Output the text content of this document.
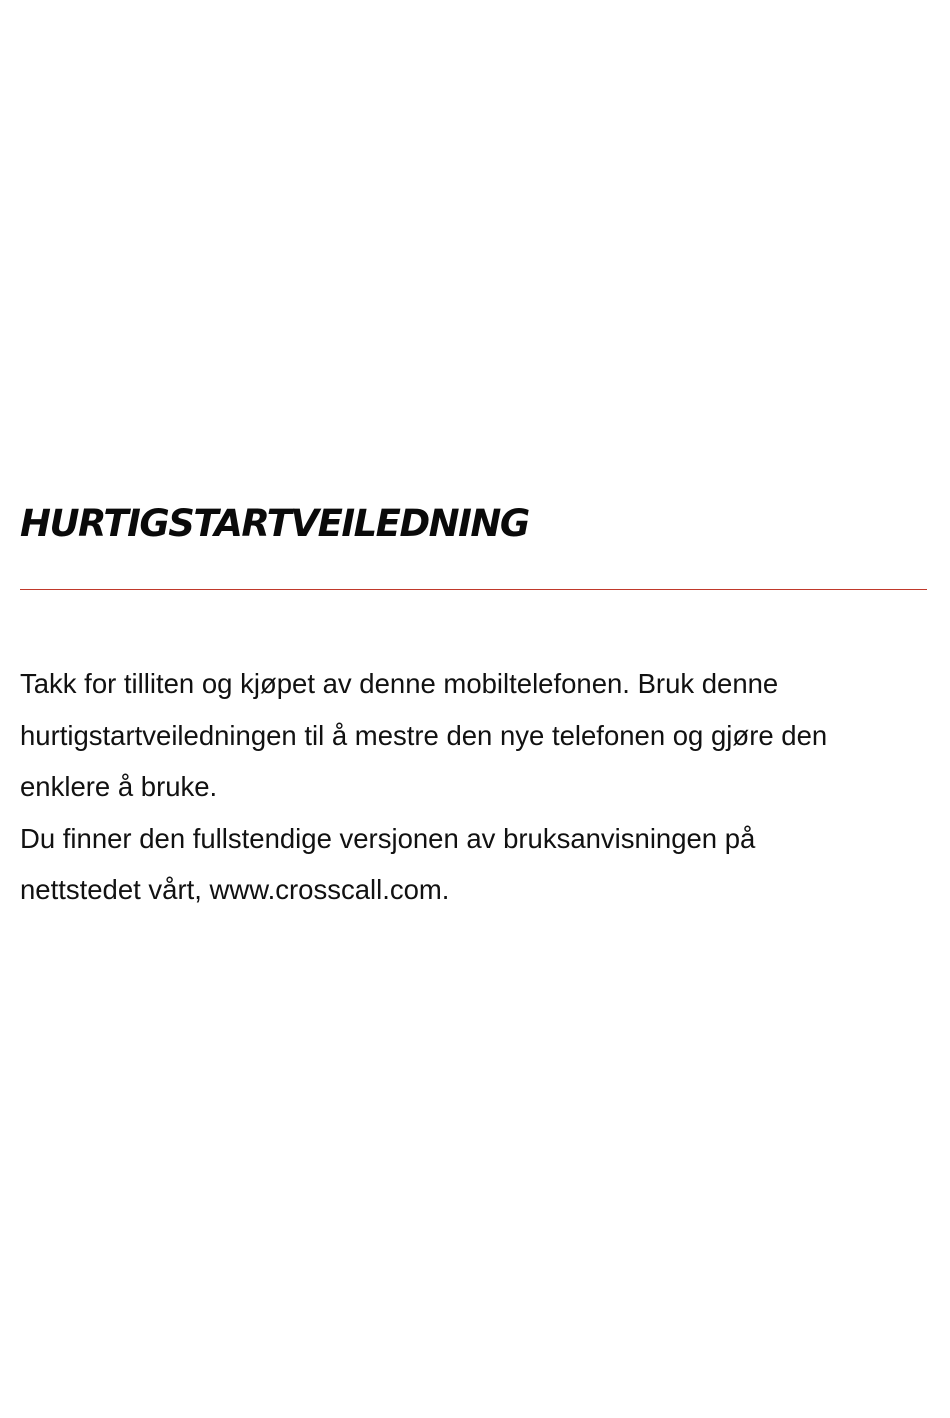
HURTIGSTARTVEILEDNING
Takk for tilliten og kjøpet av denne mobiltelefonen. Bruk denne
hurtigstartveiledningen til å mestre den nye telefonen og gjøre den
enklere å bruke.
Du finner den fullstendige versjonen av bruksanvisningen på
nettstedet vårt, www.crosscall.com.
